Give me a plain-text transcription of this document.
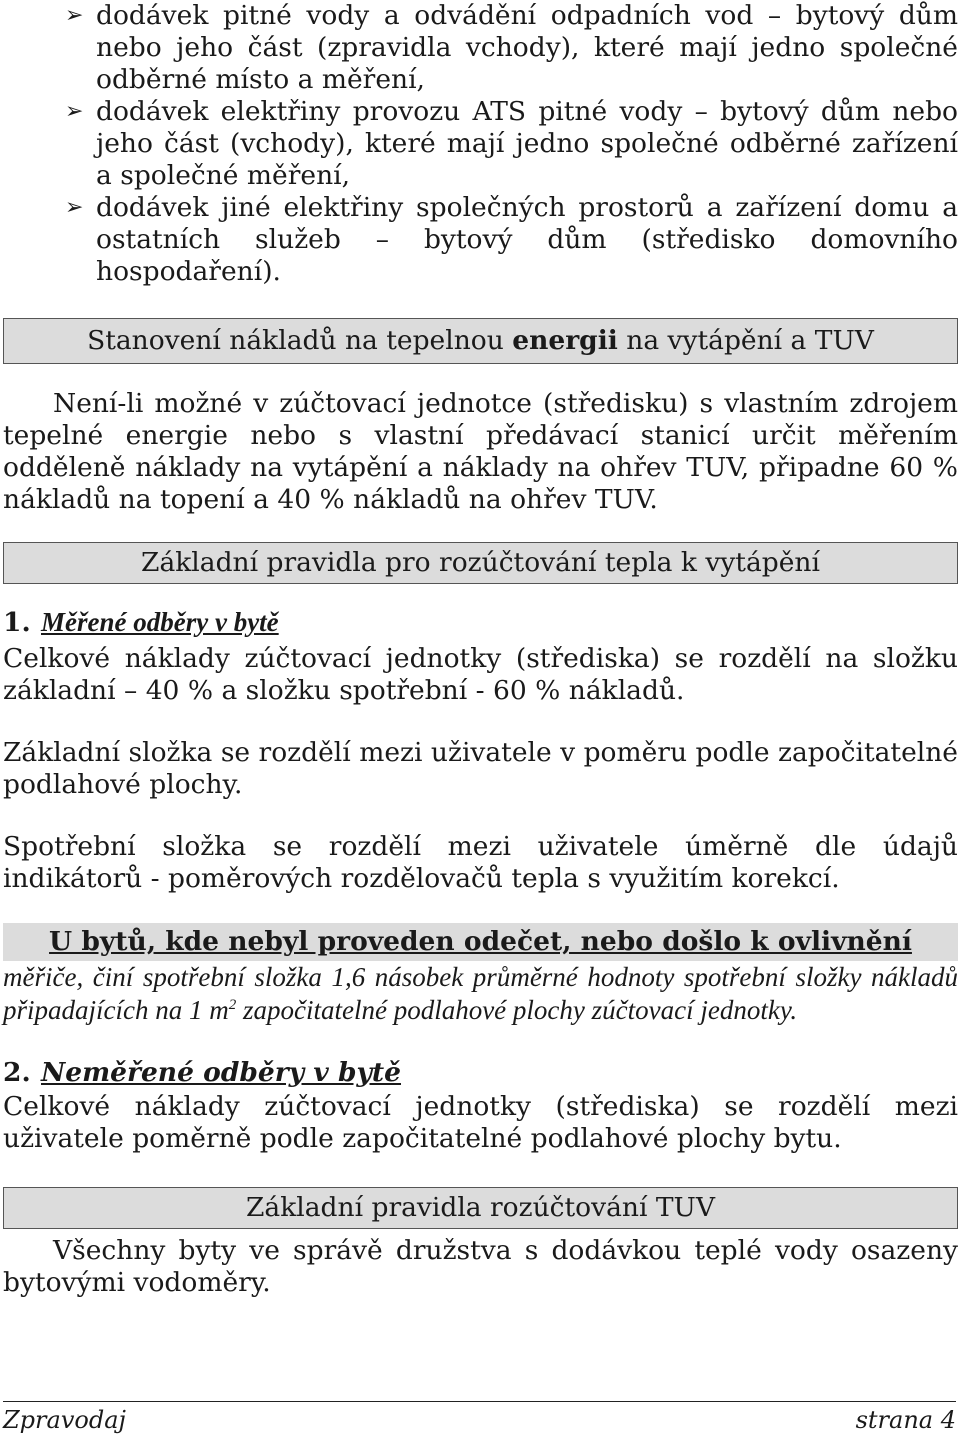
➢ dodávek pitné vody a odvádění odpadních vod – bytový dům nebo jeho část (zpravidla vchody), které mají jedno společné odběrné místo a měření,
➢ dodávek elektřiny provozu ATS pitné vody – bytový dům nebo jeho část (vchody), které mají jedno společné odběrné zařízení a společné měření,
➢ dodávek jiné elektřiny společných prostorů a zařízení domu a ostatních služeb – bytový dům (středisko domovního hospodaření).
Stanovení nákladů na tepelnou energii na vytápění a TUV

Není-li možné v zúčtovací jednotce (středisku) s vlastním zdrojem tepelné energie nebo s vlastní předávací stanicí určit měřením odděleně náklady na vytápění a náklady na ohřev TUV, připadne 60 % nákladů na topení a 40 % nákladů na ohřev TUV.

Základní pravidla pro rozúčtování tepla k vytápění
1. Měřené odběry v bytě

Celkové náklady zúčtovací jednotky (střediska) se rozdělí na složku základní – 40 % a složku spotřební - 60 % nákladů.

Základní složka se rozdělí mezi uživatele v poměru podle započitatelné podlahové plochy.

Spotřební složka se rozdělí mezi uživatele úměrně dle údajů indikátorů - poměrových rozdělovačů tepla s využitím korekcí.

U bytů, kde nebyl proveden odečet, nebo došlo k ovlivnění

měřiče, činí spotřební složka 1,6 násobek průměrné hodnoty spotřební složky nákladů připadajících na 1 $m^2$ započitatelné podlahové plochy zúčtovací jednotky.

2. Neměřené odběry v bytě

Celkové náklady zúčtovací jednotky (střediska) se rozdělí mezi uživatele poměrně podle započitatelné podlahové plochy bytu.

Základní pravidla rozúčtování TUV

Všechny byty ve správě družstva s dodávkou teplé vody osazeny bytovými vodoměry.

Zpravodaj	strana 4
